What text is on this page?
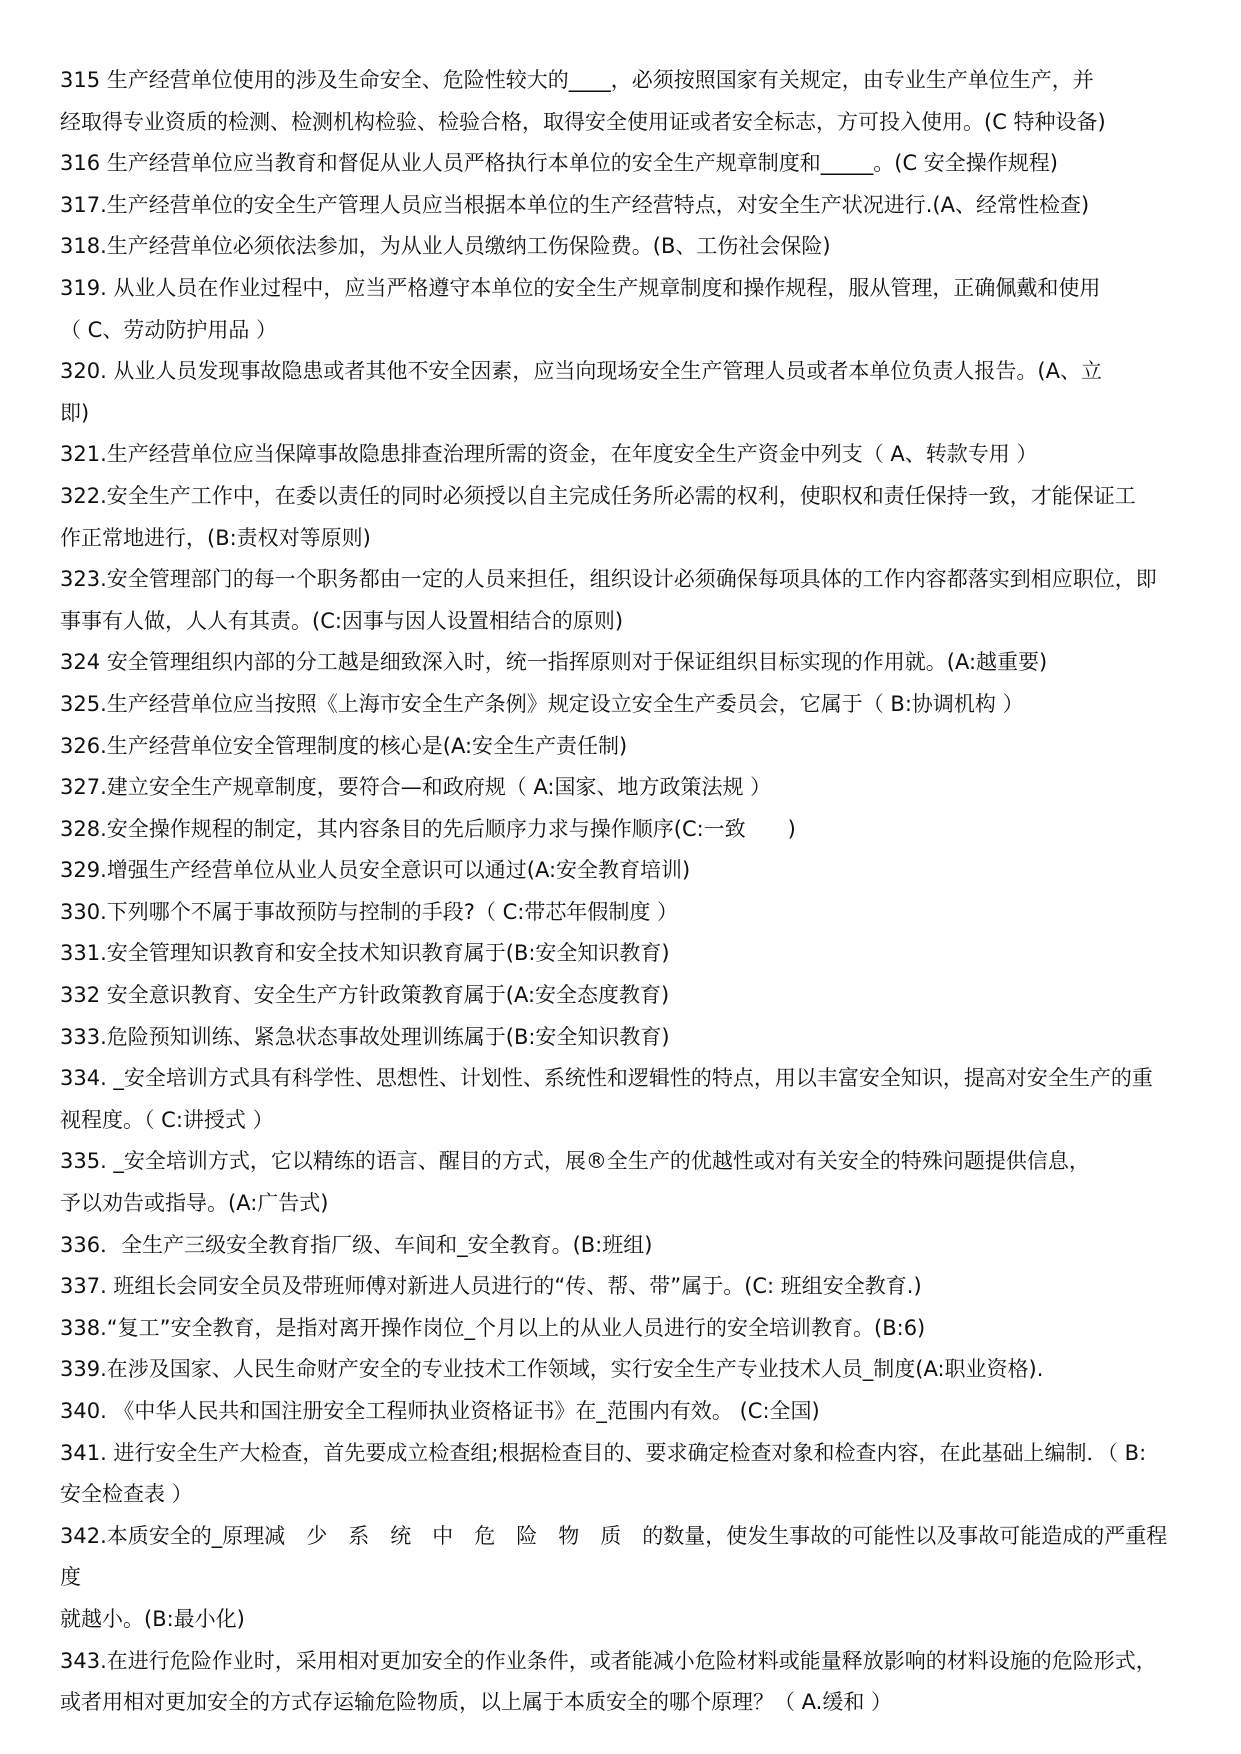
315 生产经营单位使用的涉及生命安全、危险性较大的____，必须按照国家有关规定，由专业生产单位生产，并
经取得专业资质的检测、检测机构检验、检验合格，取得安全使用证或者安全标志，方可投入使用。(C 特种设备)
316 生产经营单位应当教育和督促从业人员严格执行本单位的安全生产规章制度和_____。(C 安全操作规程)
317.生产经营单位的安全生产管理人员应当根据本单位的生产经营特点，对安全生产状况进行.(A、经常性检查)
318.生产经营单位必须依法参加，为从业人员缴纳工伤保险费。(B、工伤社会保险)
319. 从业人员在作业过程中，应当严格遵守本单位的安全生产规章制度和操作规程，服从管理，正确佩戴和使用
（ C、劳动防护用品 ）
320. 从业人员发现事故隐患或者其他不安全因素，应当向现场安全生产管理人员或者本单位负责人报告。(A、立
即)
321.生产经营单位应当保障事故隐患排查治理所需的资金，在年度安全生产资金中列支（ A、转款专用 ）
322.安全生产工作中，在委以责任的同时必须授以自主完成任务所必需的权利，使职权和责任保持一致，才能保证工
作正常地进行，(B:责权对等原则)
323.安全管理部门的每一个职务都由一定的人员来担任，组织设计必须确保每项具体的工作内容都落实到相应职位，即
事事有人做，人人有其责。(C:因事与因人设置相结合的原则)
324 安全管理组织内部的分工越是细致深入时，统一指挥原则对于保证组织目标实现的作用就。(A:越重要)
325.生产经营单位应当按照《上海市安全生产条例》规定设立安全生产委员会，它属于（ B:协调机构 ）
326.生产经营单位安全管理制度的核心是(A:安全生产责任制)
327.建立安全生产规章制度，要符合—和政府规（ A:国家、地方政策法规 ）
328.安全操作规程的制定，其内容条目的先后顺序力求与操作顺序(C:一致　　)
329.增强生产经营单位从业人员安全意识可以通过(A:安全教育培训)
330.下列哪个不属于事故预防与控制的手段?（ C:带芯年假制度 ）
331.安全管理知识教育和安全技术知识教育属于(B:安全知识教育)
332 安全意识教育、安全生产方针政策教育属于(A:安全态度教育)
333.危险预知训练、紧急状态事故处理训练属于(B:安全知识教育)
334. _安全培训方式具有科学性、思想性、计划性、系统性和逻辑性的特点，用以丰富安全知识，提高对安全生产的重
视程度。（ C:讲授式 ）
335. _安全培训方式，它以精练的语言、醒目的方式，展®全生产的优越性或对有关安全的特殊问题提供信息，
予以劝告或指导。(A:广告式)
336．全生产三级安全教育指厂级、车间和_安全教育。(B:班组)
337. 班组长会同安全员及带班师傅对新进人员进行的“传、帮、带”属于。(C: 班组安全教育.)
338.“复工”安全教育，是指对离开操作岗位_个月以上的从业人员进行的安全培训教育。(B:6)
339.在涉及国家、人民生命财产安全的专业技术工作领域，实行安全生产专业技术人员_制度(A:职业资格).
340. 《中华人民共和国注册安全工程师执业资格证书》在_范围内有效。 (C:全国)
341. 进行安全生产大检查，首先要成立检查组;根据检查目的、要求确定检查对象和检查内容，在此基础上编制．（ B:
安全检查表 ）
342.本质安全的_原理减　少　系　统　中　危　险　物　质　的数量，使发生事故的可能性以及事故可能造成的严重程度
就越小。(B:最小化)
343.在进行危险作业时，采用相对更加安全的作业条件，或者能减小危险材料或能量释放影响的材料设施的危险形式，
或者用相对更加安全的方式存运输危险物质，以上属于本质安全的哪个原理？（ A.缓和 ）
